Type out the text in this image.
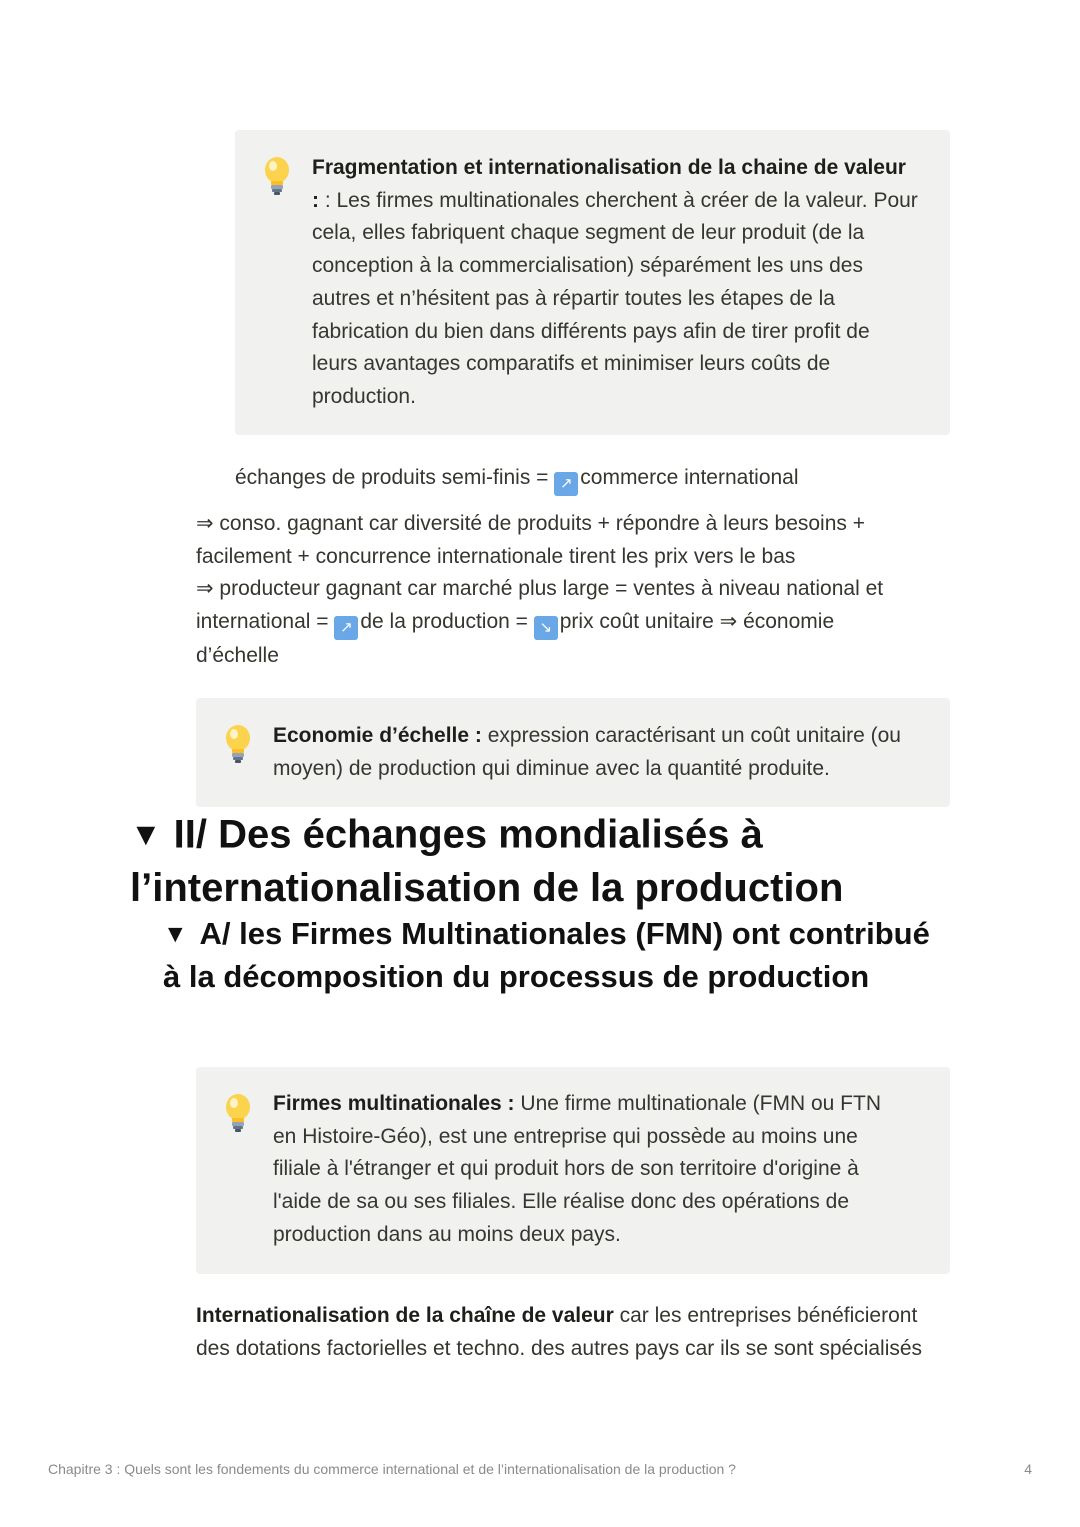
Fragmentation et internationalisation de la chaine de valeur
: : Les firmes multinationales cherchent à créer de la valeur. Pour
cela, elles fabriquent chaque segment de leur produit (de la
conception à la commercialisation) séparément les uns des
autres et n’hésitent pas à répartir toutes les étapes de la
fabrication du bien dans différents pays afin de tirer profit de
leurs avantages comparatifs et minimiser leurs coûts de
production.
échanges de produits semi-finis = ↗ commerce international
⇒ conso. gagnant car diversité de produits + répondre à leurs besoins +
facilement + concurrence internationale tirent les prix vers le bas
⇒ producteur gagnant car marché plus large = ventes à niveau national et
international = ↗ de la production = ↘ prix coût unitaire ⇒ économie
d’échelle
Economie d’échelle : expression caractérisant un coût unitaire (ou
moyen) de production qui diminue avec la quantité produite.
▼ II/ Des échanges mondialisés à l’internationalisation de la production
▼ A/ les Firmes Multinationales (FMN) ont contribué à la décomposition du processus de production
Firmes multinationales : Une firme multinationale (FMN ou FTN
en Histoire-Géo), est une entreprise qui possède au moins une
filiale à l'étranger et qui produit hors de son territoire d'origine à
l'aide de sa ou ses filiales. Elle réalise donc des opérations de
production dans au moins deux pays.
Internationalisation de la chaîne de valeur car les entreprises bénéficieront
des dotations factorielles et techno. des autres pays car ils se sont spécialisés
Chapitre 3 : Quels sont les fondements du commerce international et de l’internationalisation de la production ?	4
